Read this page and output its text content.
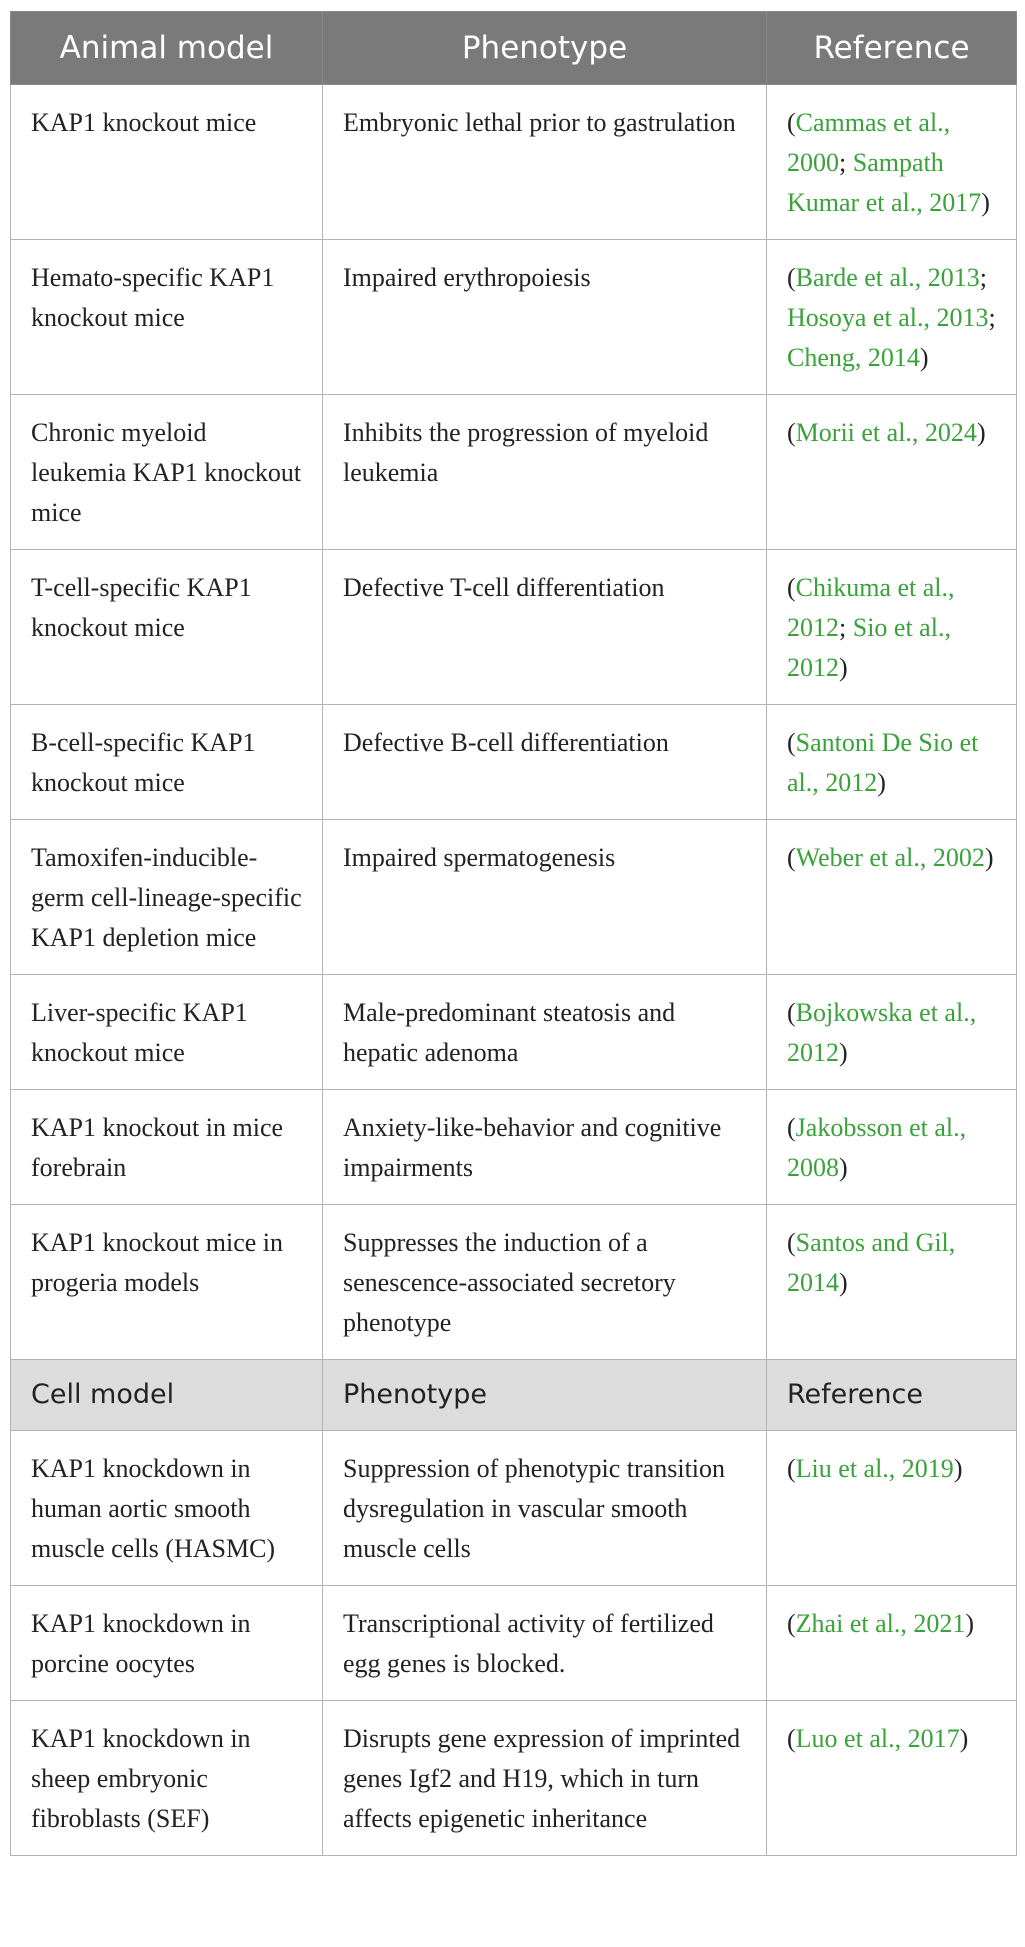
Animal model	Phenotype	Reference
KAP1 knockout mice	Embryonic lethal prior to gastrulation	(Cammas et al., 2000; Sampath Kumar et al., 2017)
Hemato-specific KAP1 knockout mice	Impaired erythropoiesis	(Barde et al., 2013; Hosoya et al., 2013; Cheng, 2014)
Chronic myeloid leukemia KAP1 knockout mice	Inhibits the progression of myeloid leukemia	(Morii et al., 2024)
T-cell-specific KAP1 knockout mice	Defective T-cell differentiation	(Chikuma et al., 2012; Sio et al., 2012)
B-cell-specific KAP1 knockout mice	Defective B-cell differentiation	(Santoni De Sio et al., 2012)
Tamoxifen-inducible-germ cell-lineage-specific KAP1 depletion mice	Impaired spermatogenesis	(Weber et al., 2002)
Liver-specific KAP1 knockout mice	Male-predominant steatosis and hepatic adenoma	(Bojkowska et al., 2012)
KAP1 knockout in mice forebrain	Anxiety-like-behavior and cognitive impairments	(Jakobsson et al., 2008)
KAP1 knockout mice in progeria models	Suppresses the induction of a senescence-associated secretory phenotype	(Santos and Gil, 2014)
Cell model	Phenotype	Reference
KAP1 knockdown in human aortic smooth muscle cells (HASMC)	Suppression of phenotypic transition dysregulation in vascular smooth muscle cells	(Liu et al., 2019)
KAP1 knockdown in porcine oocytes	Transcriptional activity of fertilized egg genes is blocked.	(Zhai et al., 2021)
KAP1 knockdown in sheep embryonic fibroblasts (SEF)	Disrupts gene expression of imprinted genes Igf2 and H19, which in turn affects epigenetic inheritance	(Luo et al., 2017)
